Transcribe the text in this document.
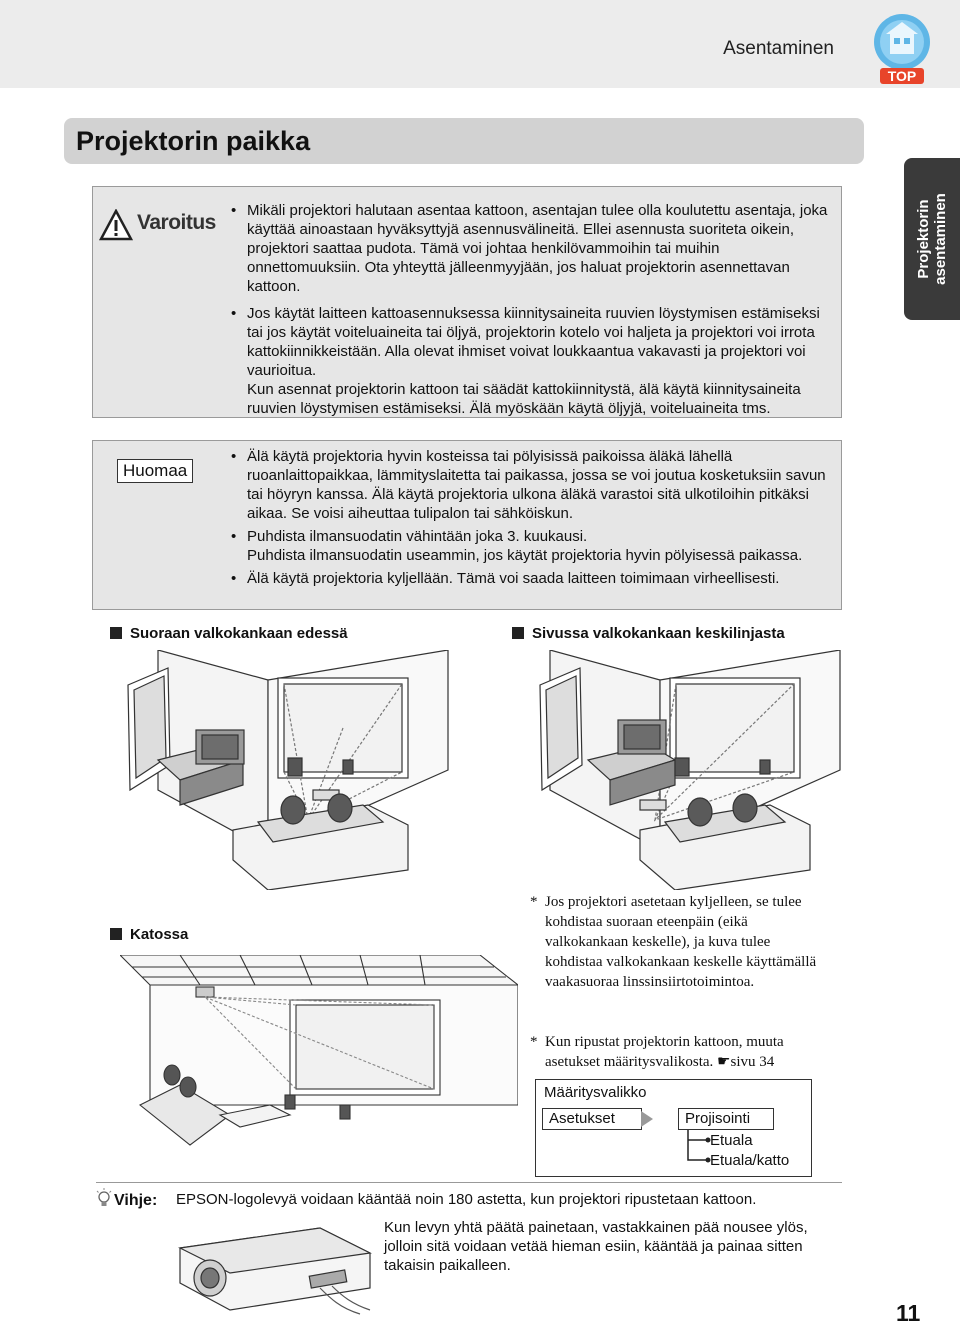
Asentaminen
TOP
Projektorin asentaminen
Projektorin paikka
Varoitus
• Mikäli projektori halutaan asentaa kattoon, asentajan tulee olla koulutettu asentaja, joka käyttää ainoastaan hyväksyttyjä asennusvälineitä. Ellei asennusta suoriteta oikein, projektori saattaa pudota. Tämä voi johtaa henkilövammoihin tai muihin onnettomuuksiin. Ota yhteyttä jälleenmyyjään, jos haluat projektorin asennettavan kattoon.
• Jos käytät laitteen kattoasennuksessa kiinnitysaineita ruuvien löystymisen estämiseksi tai jos käytät voiteluaineita tai öljyä, projektorin kotelo voi haljeta ja projektori voi irrota kattokiinnikkeistään. Alla olevat ihmiset voivat loukkaantua vakavasti ja projektori voi vaurioitua.
Kun asennat projektorin kattoon tai säädät kattokiinnitystä, älä käytä kiinnitysaineita ruuvien löystymisen estämiseksi. Älä myöskään käytä öljyjä, voiteluaineita tms.
Huomaa
• Älä käytä projektoria hyvin kosteissa tai pölyisissä paikoissa äläkä lähellä ruoanlaittopaikkaa, lämmityslaitetta tai paikassa, jossa se voi joutua kosketuksiin savun tai höyryn kanssa. Älä käytä projektoria ulkona äläkä varastoi sitä ulkotiloihin pitkäksi aikaa. Se voisi aiheuttaa tulipalon tai sähköiskun.
• Puhdista ilmansuodatin vähintään joka 3. kuukausi.
Puhdista ilmansuodatin useammin, jos käytät projektoria hyvin pölyisessä paikassa.
• Älä käytä projektoria kyljellään. Tämä voi saada laitteen toimimaan virheellisesti.
Suoraan valkokankaan edessä	Sivussa valkokankaan keskilinjasta
Katossa
* Jos projektori asetetaan kyljelleen, se tulee kohdistaa suoraan eteenpäin (eikä valkokankaan keskelle), ja kuva tulee kohdistaa valkokankaan keskelle käyttämällä vaakasuoraa linssinsiirtotoimintoa.
* Kun ripustat projektorin kattoon, muuta asetukset määritysvalikosta. ☛sivu 34
Määritysvalikko
Asetukset	Projisointi
Etuala
Etuala/katto
Vihje: EPSON-logolevyä voidaan kääntää noin 180 astetta, kun projektori ripustetaan kattoon.
Kun levyn yhtä päätä painetaan, vastakkainen pää nousee ylös, jolloin sitä voidaan vetää hieman esiin, kääntää ja painaa sitten takaisin paikalleen.
11
